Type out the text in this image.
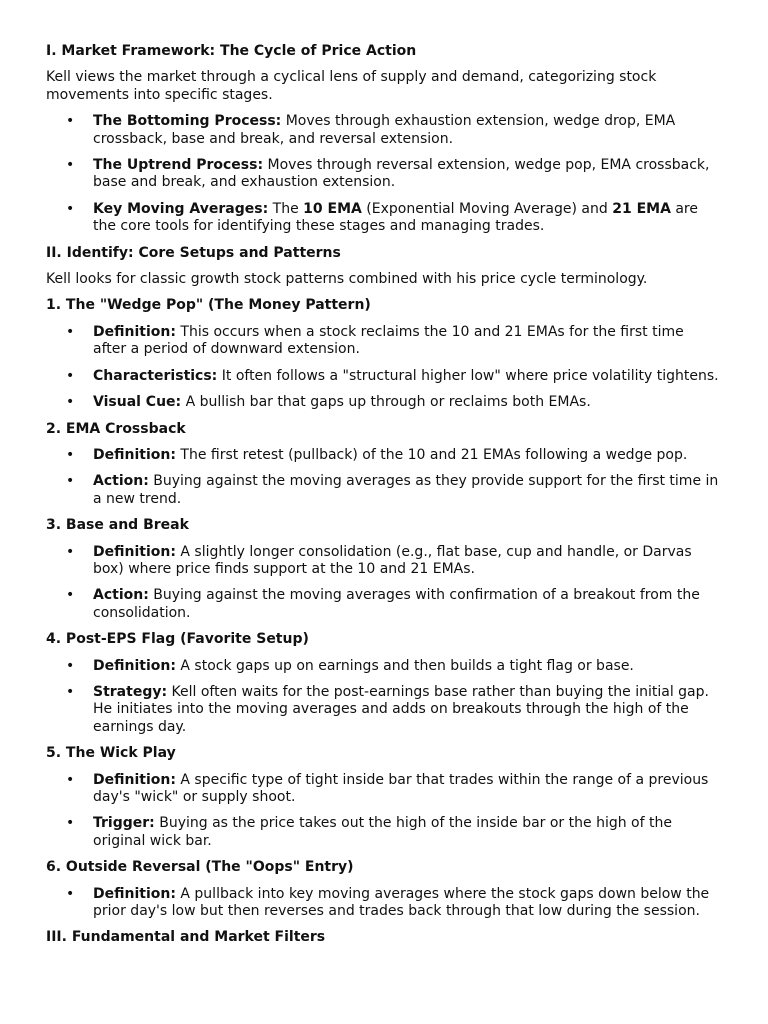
I. Market Framework: The Cycle of Price Action

Kell views the market through a cyclical lens of supply and demand, categorizing stock movements into specific stages.

• The Bottoming Process: Moves through exhaustion extension, wedge drop, EMA crossback, base and break, and reversal extension.
• The Uptrend Process: Moves through reversal extension, wedge pop, EMA crossback, base and break, and exhaustion extension.
• Key Moving Averages: The 10 EMA (Exponential Moving Average) and 21 EMA are the core tools for identifying these stages and managing trades.
II. Identify: Core Setups and Patterns

Kell looks for classic growth stock patterns combined with his price cycle terminology.

1. The "Wedge Pop" (The Money Pattern)
• Definition: This occurs when a stock reclaims the 10 and 21 EMAs for the first time after a period of downward extension.
• Characteristics: It often follows a "structural higher low" where price volatility tightens.
• Visual Cue: A bullish bar that gaps up through or reclaims both EMAs.
2. EMA Crossback
• Definition: The first retest (pullback) of the 10 and 21 EMAs following a wedge pop.
• Action: Buying against the moving averages as they provide support for the first time in a new trend.
3. Base and Break
• Definition: A slightly longer consolidation (e.g., flat base, cup and handle, or Darvas box) where price finds support at the 10 and 21 EMAs.
• Action: Buying against the moving averages with confirmation of a breakout from the consolidation.
4. Post-EPS Flag (Favorite Setup)
• Definition: A stock gaps up on earnings and then builds a tight flag or base.
• Strategy: Kell often waits for the post-earnings base rather than buying the initial gap. He initiates into the moving averages and adds on breakouts through the high of the earnings day.
5. The Wick Play
• Definition: A specific type of tight inside bar that trades within the range of a previous day's "wick" or supply shoot.
• Trigger: Buying as the price takes out the high of the inside bar or the high of the original wick bar.
6. Outside Reversal (The "Oops" Entry)
• Definition: A pullback into key moving averages where the stock gaps down below the prior day's low but then reverses and trades back through that low during the session.
III. Fundamental and Market Filters
